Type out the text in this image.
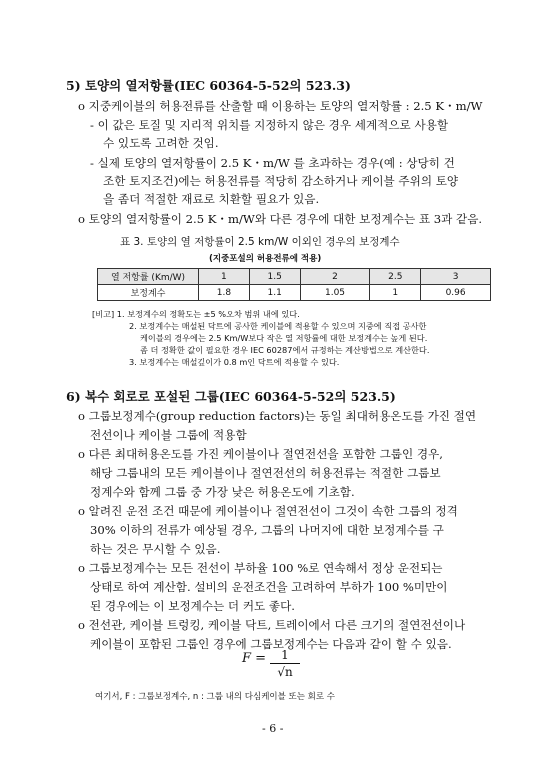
5) 토양의 열저항률(IEC 60364-5-52의 523.3)
o 지중케이블의 허용전류를 산출할 때 이용하는 토양의 열저항률 : 2.5 K・m/W
- 이 값은 토질 및 지리적 위치를 지정하지 않은 경우 세계적으로 사용할
수 있도록 고려한 것임.
- 실제 토양의 열저항률이 2.5 K・m/W 를 초과하는 경우(예 : 상당히 건
조한 토지조건)에는 허용전류를 적당히 감소하거나 케이블 주위의 토양
을 좀더 적절한 재료로 치환할 필요가 있음.
o 토양의 열저항률이 2.5 K・m/W와 다른 경우에 대한 보정계수는 표 3과 같음.
표 3. 토양의 열 저항률이 2.5 km/W 이외인 경우의 보정계수
(지중포설의 허용전류에 적용)
열 저항률 (Km/W)	1	1.5	2	2.5	3
보정계수	1.8	1.1	1.05	1	0.96
[비고] 1. 보정계수의 정확도는 ±5 %오차 범위 내에 있다.
2. 보정계수는 매설된 닥트에 공사한 케이블에 적용할 수 있으며 지중에 직접 공사한
케이블의 경우에는 2.5 Km/W보다 작은 열 저항률에 대한 보정계수는 높게 된다.
좀 더 정확한 값이 필요한 경우 IEC 60287에서 규정하는 계산방법으로 계산한다.
3. 보정계수는 매설깊이가 0.8 m인 닥트에 적용할 수 있다.
6) 복수 회로로 포설된 그룹(IEC 60364-5-52의 523.5)
o 그룹보정계수(group reduction factors)는 동일 최대허용온도를 가진 절연
전선이나 케이블 그룹에 적용함
o 다른 최대허용온도를 가진 케이블이나 절연전선을 포함한 그룹인 경우,
해당 그룹내의 모든 케이블이나 절연전선의 허용전류는 적절한 그룹보
정계수와 함께 그룹 중 가장 낮은 허용온도에 기초함.
o 알려진 운전 조건 때문에 케이블이나 절연전선이 그것이 속한 그룹의 정격
30% 이하의 전류가 예상될 경우, 그룹의 나머지에 대한 보정계수를 구
하는 것은 무시할 수 있음.
o 그룹보정계수는 모든 전선이 부하율 100 %로 연속해서 정상 운전되는
상태로 하여 계산함. 설비의 운전조건을 고려하여 부하가 100 %미만이
된 경우에는 이 보정계수는 더 커도 좋다.
o 전선관, 케이블 트렁킹, 케이블 닥트, 트레이에서 다른 크기의 절연전선이나
케이블이 포함된 그룹인 경우에 그룹보정계수는 다음과 같이 할 수 있음.
$F = \frac{1}{√n}$
여기서, F : 그룹보정계수, n : 그룹 내의 다심케이블 또는 회로 수
- 6 -
